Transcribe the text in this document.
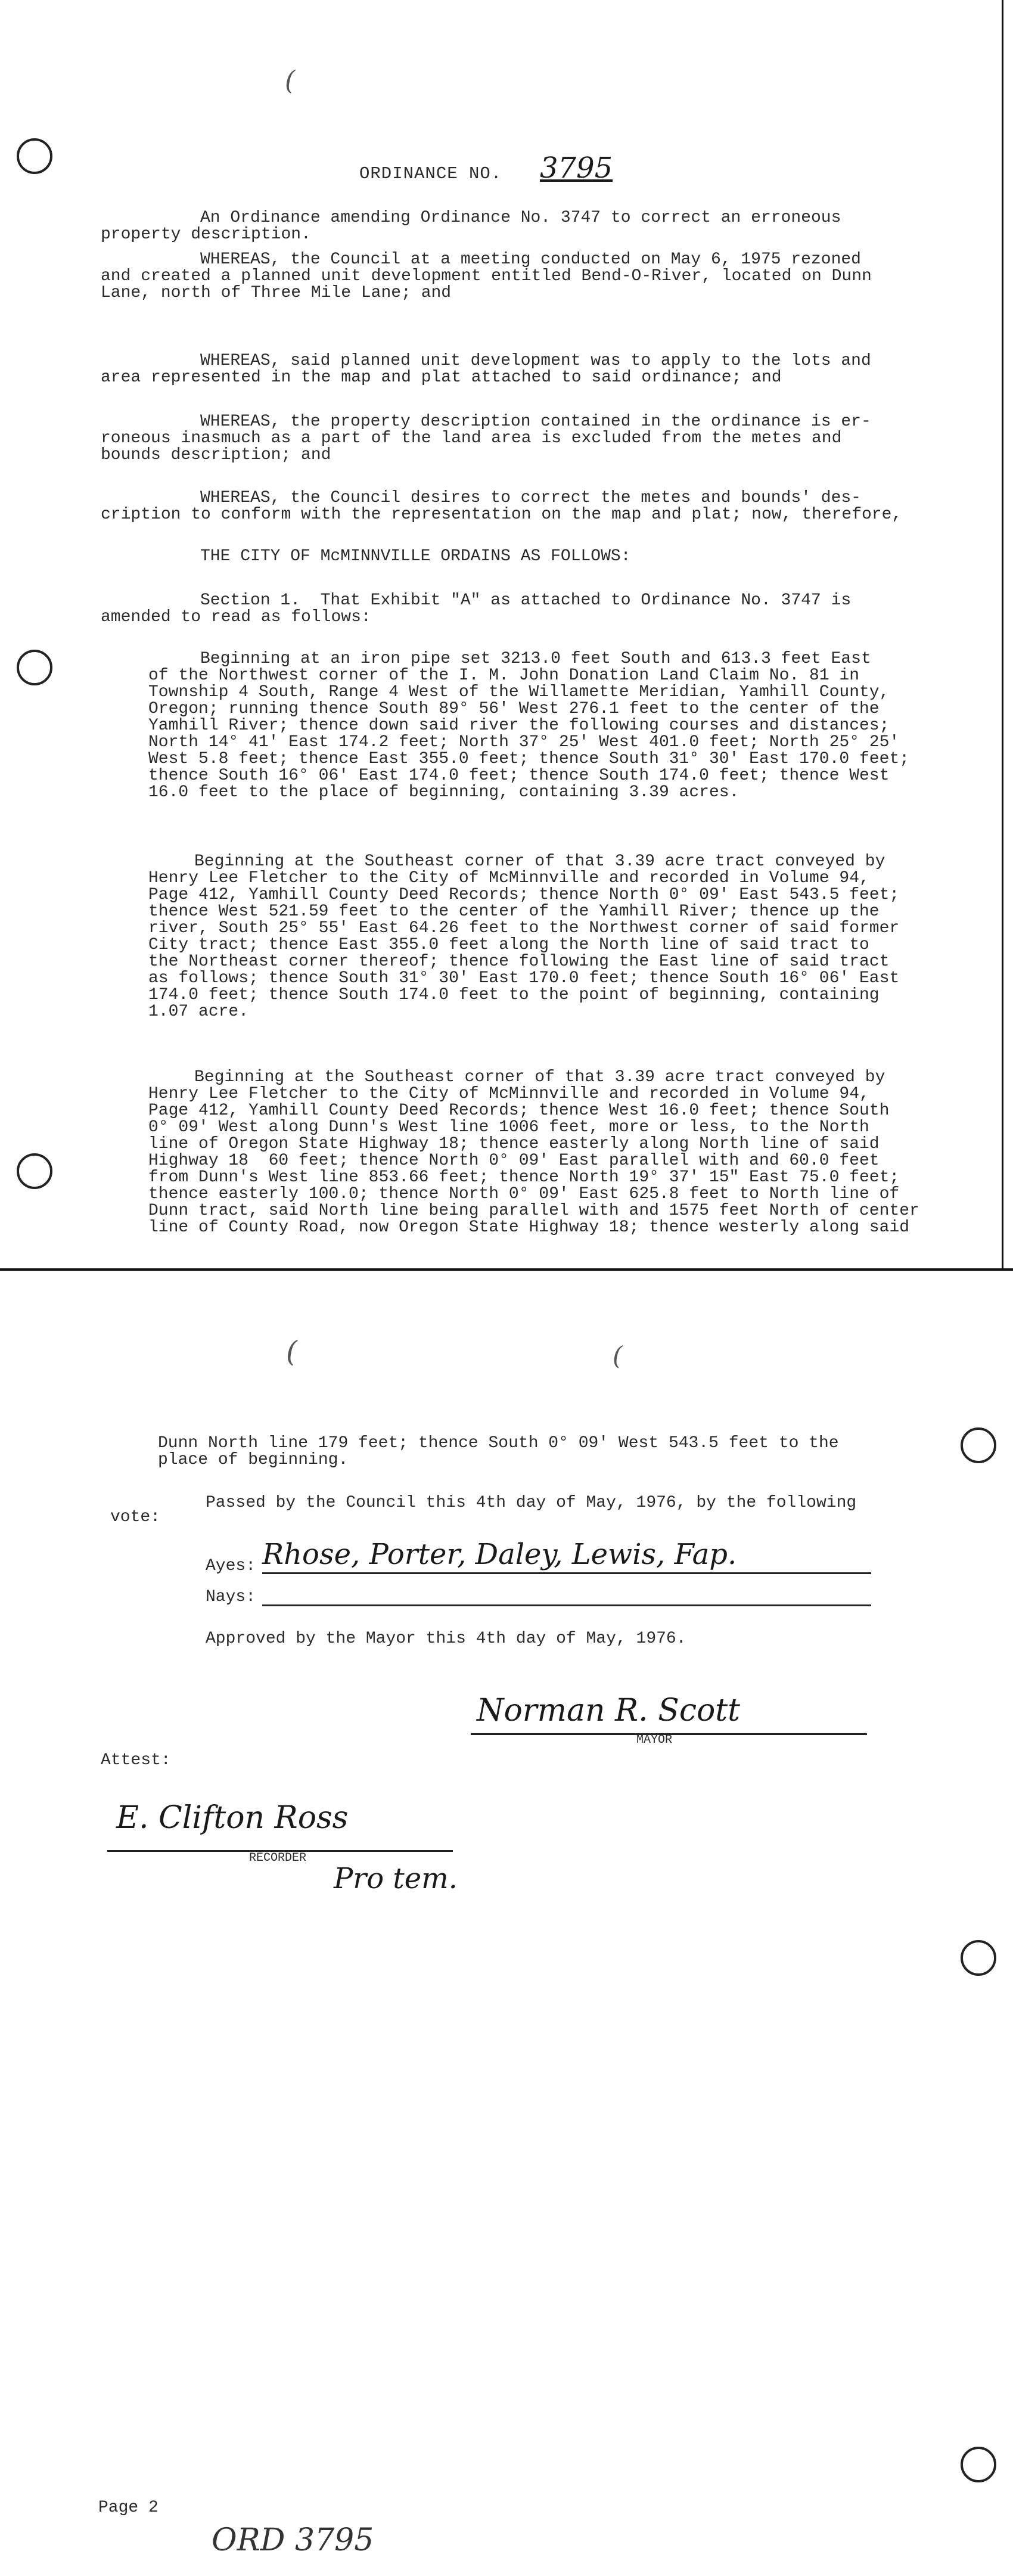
(
(	(
ORDINANCE NO. 3795
An Ordinance amending Ordinance No. 3747 to correct an erroneous
property description.
WHEREAS, the Council at a meeting conducted on May 6, 1975 rezoned
and created a planned unit development entitled Bend-O-River, located on Dunn
Lane, north of Three Mile Lane; and
WHEREAS, said planned unit development was to apply to the lots and
area represented in the map and plat attached to said ordinance; and
WHEREAS, the property description contained in the ordinance is er-
roneous inasmuch as a part of the land area is excluded from the metes and
bounds description; and
WHEREAS, the Council desires to correct the metes and bounds' des-
cription to conform with the representation on the map and plat; now, therefore,
THE CITY OF McMINNVILLE ORDAINS AS FOLLOWS:
Section 1.  That Exhibit "A" as attached to Ordinance No. 3747 is
amended to read as follows:
Beginning at an iron pipe set 3213.0 feet South and 613.3 feet East
of the Northwest corner of the I. M. John Donation Land Claim No. 81 in
Township 4 South, Range 4 West of the Willamette Meridian, Yamhill County,
Oregon; running thence South 89° 56' West 276.1 feet to the center of the
Yamhill River; thence down said river the following courses and distances;
North 14° 41' East 174.2 feet; North 37° 25' West 401.0 feet; North 25° 25'
West 5.8 feet; thence East 355.0 feet; thence South 31° 30' East 170.0 feet;
thence South 16° 06' East 174.0 feet; thence South 174.0 feet; thence West
16.0 feet to the place of beginning, containing 3.39 acres.
Beginning at the Southeast corner of that 3.39 acre tract conveyed by
Henry Lee Fletcher to the City of McMinnville and recorded in Volume 94,
Page 412, Yamhill County Deed Records; thence North 0° 09' East 543.5 feet;
thence West 521.59 feet to the center of the Yamhill River; thence up the
river, South 25° 55' East 64.26 feet to the Northwest corner of said former
City tract; thence East 355.0 feet along the North line of said tract to
the Northeast corner thereof; thence following the East line of said tract
as follows; thence South 31° 30' East 170.0 feet; thence South 16° 06' East
174.0 feet; thence South 174.0 feet to the point of beginning, containing
1.07 acre.
Beginning at the Southeast corner of that 3.39 acre tract conveyed by
Henry Lee Fletcher to the City of McMinnville and recorded in Volume 94,
Page 412, Yamhill County Deed Records; thence West 16.0 feet; thence South
0° 09' West along Dunn's West line 1006 feet, more or less, to the North
line of Oregon State Highway 18; thence easterly along North line of said
Highway 18  60 feet; thence North 0° 09' East parallel with and 60.0 feet
from Dunn's West line 853.66 feet; thence North 19° 37' 15" East 75.0 feet;
thence easterly 100.0; thence North 0° 09' East 625.8 feet to North line of
Dunn tract, said North line being parallel with and 1575 feet North of center
line of County Road, now Oregon State Highway 18; thence westerly along said
Dunn North line 179 feet; thence South 0° 09' West 543.5 feet to the
place of beginning.
Passed by the Council this 4th day of May, 1976, by the following
vote:
Ayes: Rhose, Porter, Daley, Lewis, Fap.
Nays:
Approved by the Mayor this 4th day of May, 1976.
Norman R. Scott
MAYOR
Attest:
E. Clifton Ross
RECORDER
Pro tem.
Page 2
ORD 3795
